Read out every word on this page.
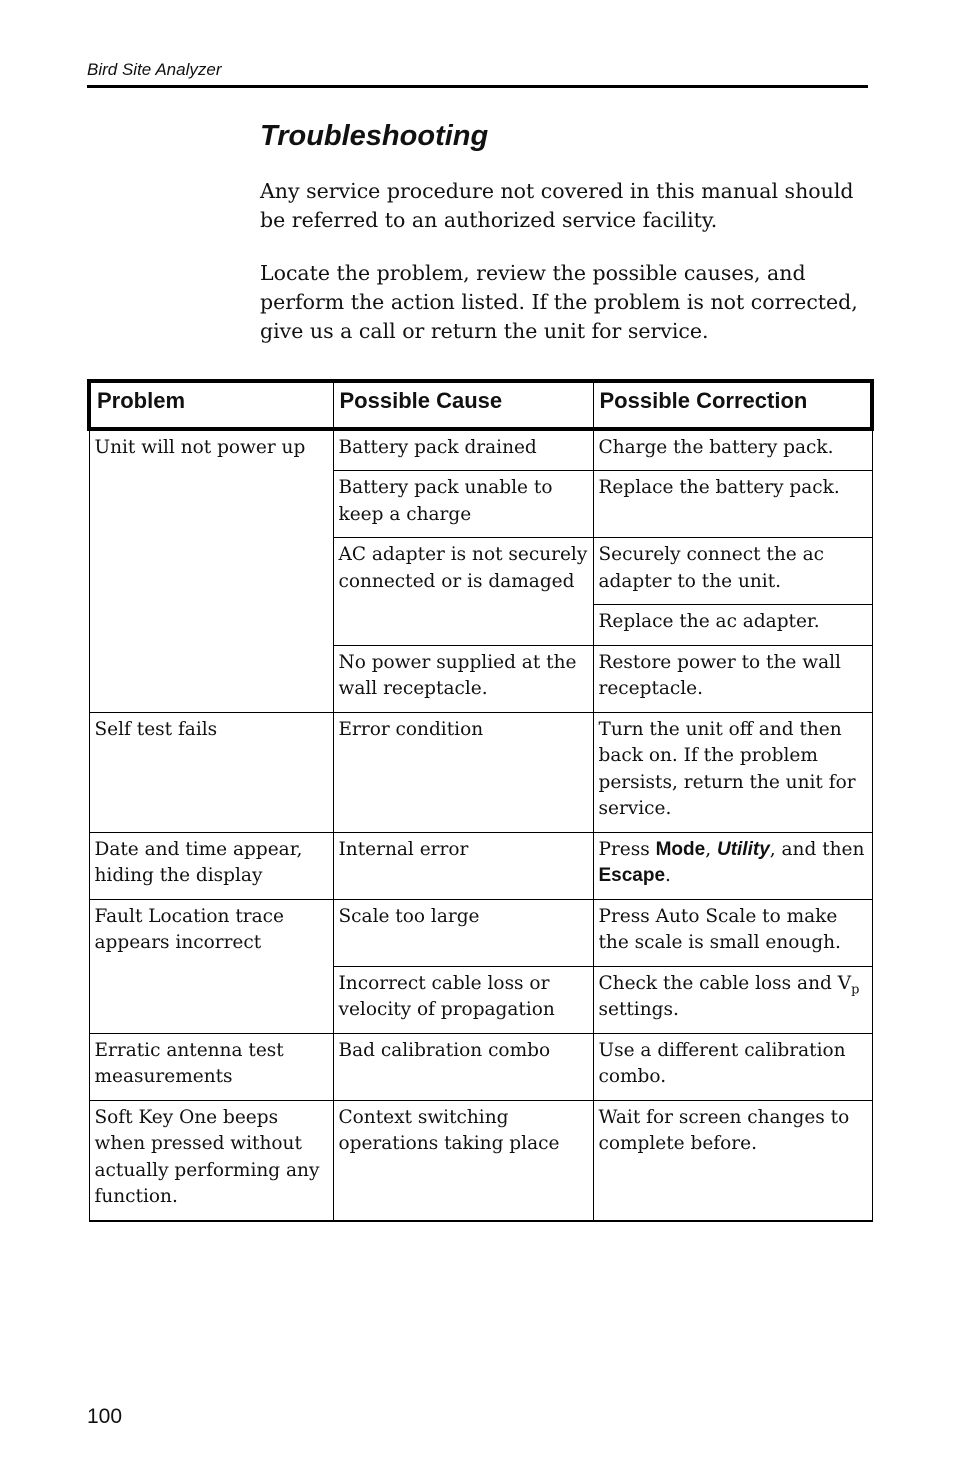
Bird Site Analyzer
Troubleshooting

Any service procedure not covered in this manual should be referred to an authorized service facility.

Locate the problem, review the possible causes, and perform the action listed. If the problem is not corrected, give us a call or return the unit for service.

Problem	Possible Cause	Possible Correction
Unit will not power up	Battery pack drained	Charge the battery pack.
	Battery pack unable to keep a charge	Replace the battery pack.
	AC adapter is not securely connected or is damaged	Securely connect the ac adapter to the unit.
		Replace the ac adapter.
	No power supplied at the wall receptacle.	Restore power to the wall receptacle.
Self test fails	Error condition	Turn the unit off and then back on. If the problem persists, return the unit for service.
Date and time appear, hiding the display	Internal error	Press Mode, Utility, and then Escape.
Fault Location trace appears incorrect	Scale too large	Press Auto Scale to make the scale is small enough.
	Incorrect cable loss or velocity of propagation	Check the cable loss and $V_p$ settings.
Erratic antenna test measurements	Bad calibration combo	Use a different calibration combo.
Soft Key One beeps when pressed without actually performing any function.	Context switching operations taking place	Wait for screen changes to complete before.
100
